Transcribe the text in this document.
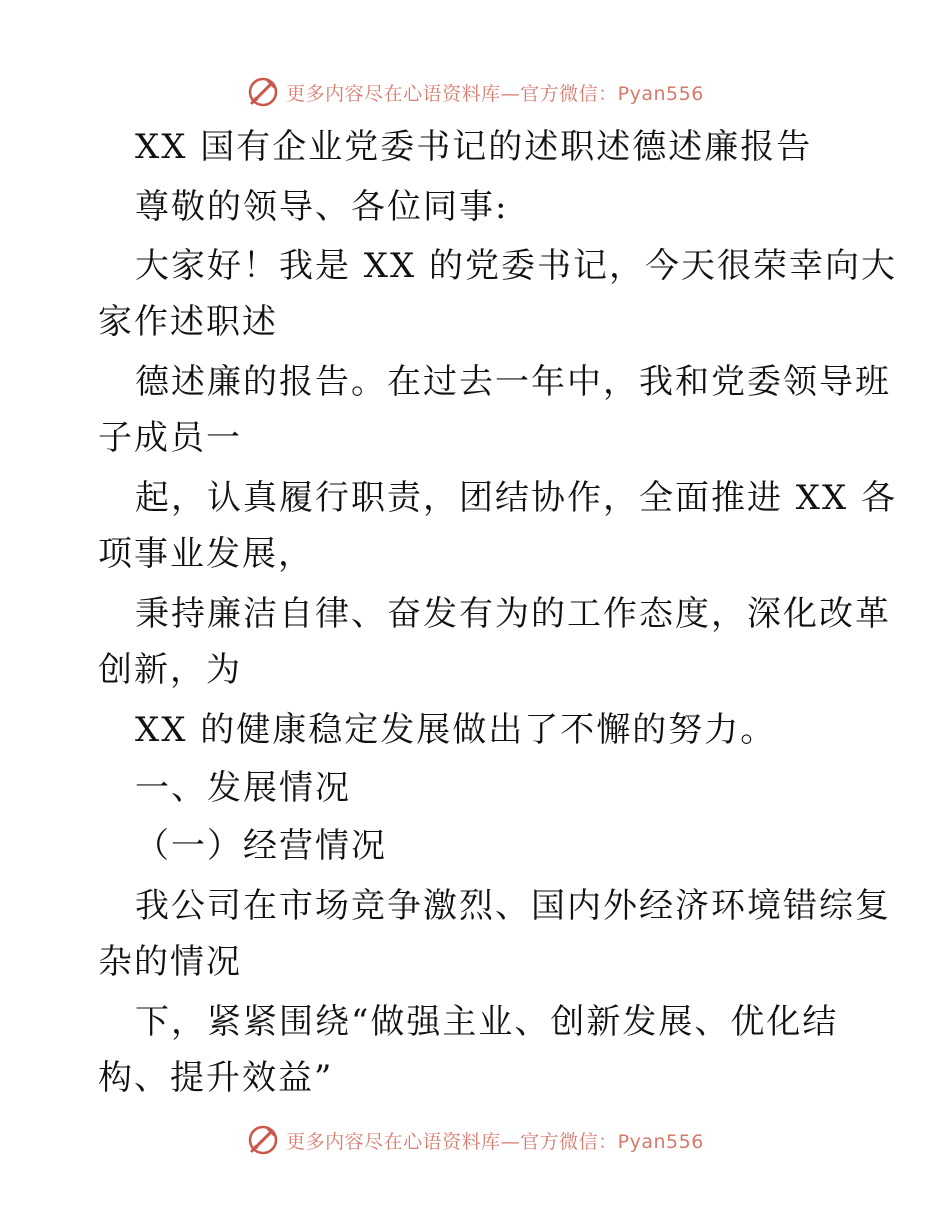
更多内容尽在心语资料库—官方微信：Pyan556
XX 国有企业党委书记的述职述德述廉报告
尊敬的领导、各位同事:
大家好！我是 XX 的党委书记，今天很荣幸向大
家作述职述
德述廉的报告。在过去一年中，我和党委领导班
子成员一
起，认真履行职责，团结协作，全面推进 XX 各
项事业发展，
秉持廉洁自律、奋发有为的工作态度，深化改革
创新，为
XX 的健康稳定发展做出了不懈的努力。
一、发展情况
（一）经营情况
我公司在市场竞争激烈、国内外经济环境错综复
杂的情况
下，紧紧围绕“做强主业、创新发展、优化结
构、提升效益”
更多内容尽在心语资料库—官方微信：Pyan556
